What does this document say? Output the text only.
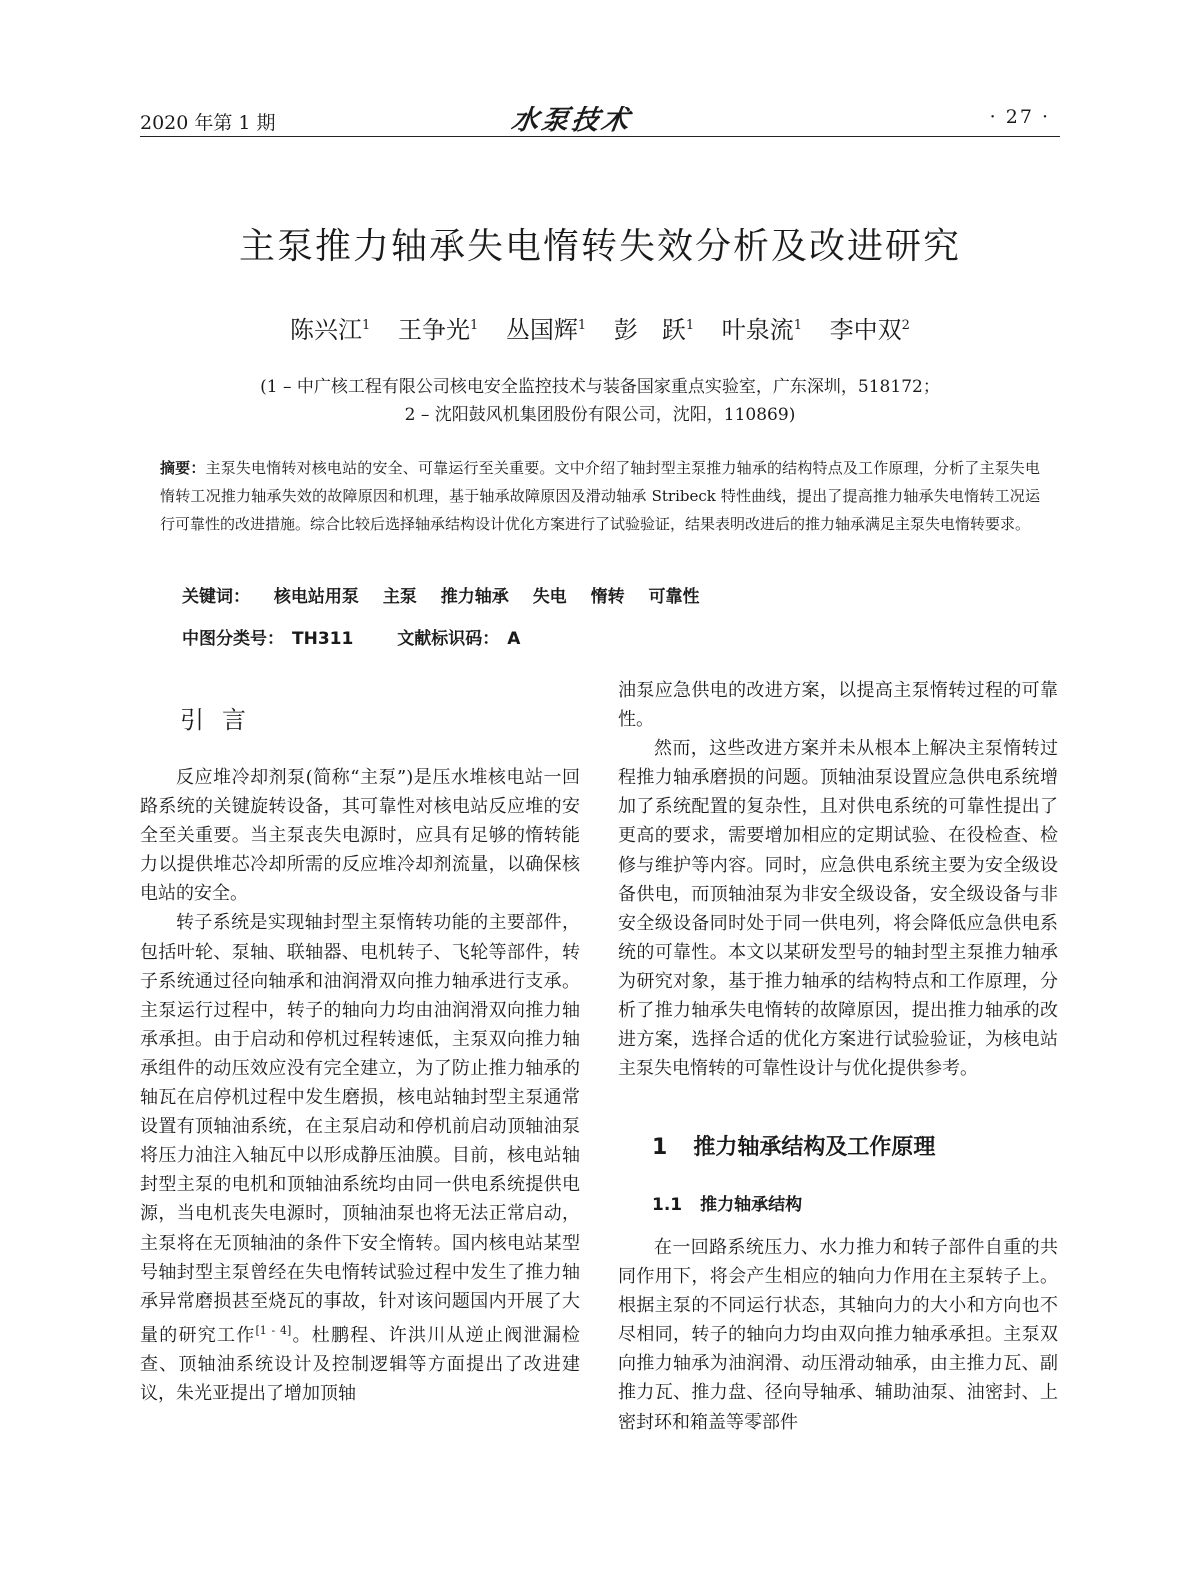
2020 年第 1 期	水泵技术	· 27 ·
主泵推力轴承失电惰转失效分析及改进研究
陈兴江$^1$ 王争光$^1$ 丛国辉$^1$ 彭　跃$^1$ 叶泉流$^1$ 李中双$^2$
(1 – 中广核工程有限公司核电安全监控技术与装备国家重点实验室，广东深圳，518172；
2 – 沈阳鼓风机集团股份有限公司，沈阳，110869)
摘要：主泵失电惰转对核电站的安全、可靠运行至关重要。文中介绍了轴封型主泵推力轴承的结构特点及工作原理，分析了主泵失电惰转工况推力轴承失效的故障原因和机理，基于轴承故障原因及滑动轴承 Stribeck 特性曲线，提出了提高推力轴承失电惰转工况运行可靠性的改进措施。综合比较后选择轴承结构设计优化方案进行了试验验证，结果表明改进后的推力轴承满足主泵失电惰转要求。
关键词： 核电站用泵 主泵 推力轴承 失电 惰转 可靠性
中图分类号： TH311	文献标识码： A
引言

反应堆冷却剂泵(简称“主泵”)是压水堆核电站一回路系统的关键旋转设备，其可靠性对核电站反应堆的安全至关重要。当主泵丧失电源时，应具有足够的惰转能力以提供堆芯冷却所需的反应堆冷却剂流量，以确保核电站的安全。

转子系统是实现轴封型主泵惰转功能的主要部件，包括叶轮、泵轴、联轴器、电机转子、飞轮等部件，转子系统通过径向轴承和油润滑双向推力轴承进行支承。主泵运行过程中，转子的轴向力均由油润滑双向推力轴承承担。由于启动和停机过程转速低，主泵双向推力轴承组件的动压效应没有完全建立，为了防止推力轴承的轴瓦在启停机过程中发生磨损，核电站轴封型主泵通常设置有顶轴油系统，在主泵启动和停机前启动顶轴油泵将压力油注入轴瓦中以形成静压油膜。目前，核电站轴封型主泵的电机和顶轴油系统均由同一供电系统提供电源，当电机丧失电源时，顶轴油泵也将无法正常启动，主泵将在无顶轴油的条件下安全惰转。国内核电站某型号轴封型主泵曾经在失电惰转试验过程中发生了推力轴承异常磨损甚至烧瓦的事故，针对该问题国内开展了大量的研究工作[1 - 4]。杜鹏程、许洪川从逆止阀泄漏检查、顶轴油系统设计及控制逻辑等方面提出了改进建议，朱光亚提出了增加顶轴

油泵应急供电的改进方案，以提高主泵惰转过程的可靠性。

然而，这些改进方案并未从根本上解决主泵惰转过程推力轴承磨损的问题。顶轴油泵设置应急供电系统增加了系统配置的复杂性，且对供电系统的可靠性提出了更高的要求，需要增加相应的定期试验、在役检查、检修与维护等内容。同时，应急供电系统主要为安全级设备供电，而顶轴油泵为非安全级设备，安全级设备与非安全级设备同时处于同一供电列，将会降低应急供电系统的可靠性。本文以某研发型号的轴封型主泵推力轴承为研究对象，基于推力轴承的结构特点和工作原理，分析了推力轴承失电惰转的故障原因，提出推力轴承的改进方案，选择合适的优化方案进行试验验证，为核电站主泵失电惰转的可靠性设计与优化提供参考。

1 推力轴承结构及工作原理
1.1 推力轴承结构

在一回路系统压力、水力推力和转子部件自重的共同作用下，将会产生相应的轴向力作用在主泵转子上。根据主泵的不同运行状态，其轴向力的大小和方向也不尽相同，转子的轴向力均由双向推力轴承承担。主泵双向推力轴承为油润滑、动压滑动轴承，由主推力瓦、副推力瓦、推力盘、径向导轴承、辅助油泵、油密封、上密封环和箱盖等零部件
